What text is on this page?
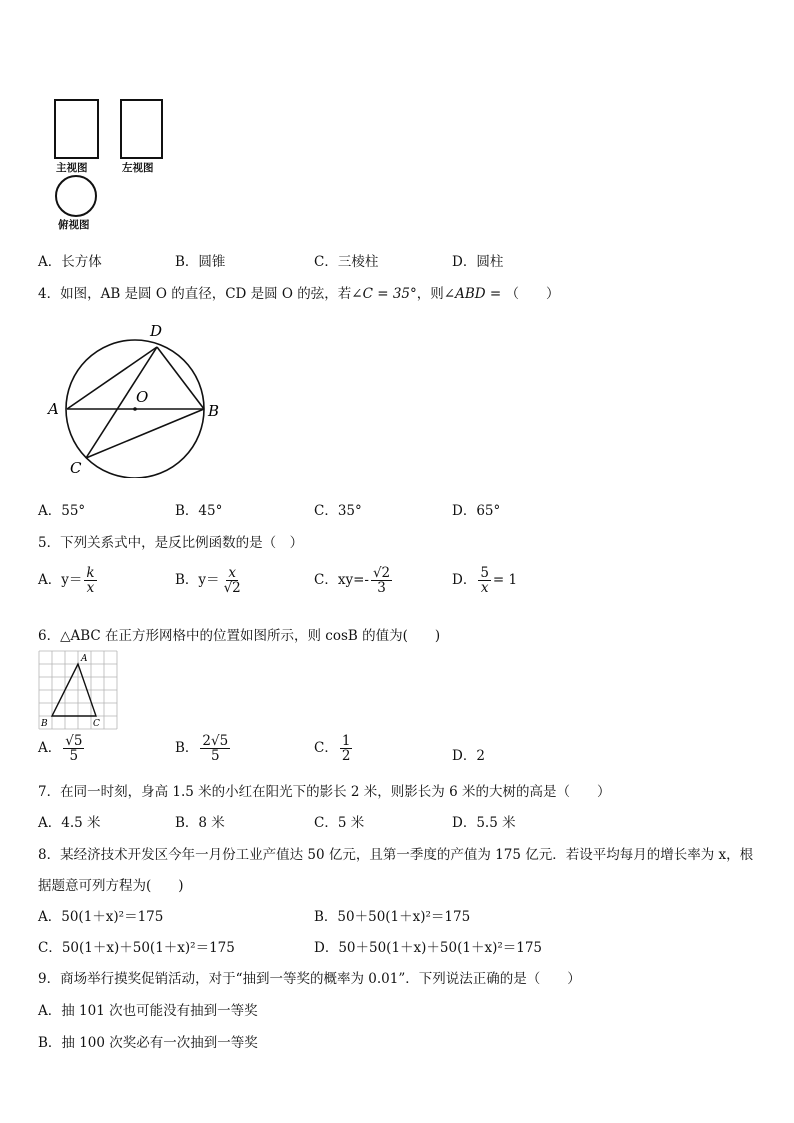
主视图	左视图
俯视图
A．长方体	B．圆锥	C．三棱柱	D．圆柱
4．如图，AB 是圆 O 的直径，CD 是圆 O 的弦，若∠C = 35°，则∠ABD = （　　）
D
O
A	B
C
A．55°	B．45°	C．35°	D．65°
5．下列关系式中，是反比例函数的是（　）
A．$y= \frac{k}{x}$	B．$y= \frac{x}{√2}$	C．$xy=- \frac{√2}{3}$	D． $\frac{5}{x} = 1$
6．△ABC 在正方形网格中的位置如图所示，则 cosB 的值为(　　)
A
B	C
A． $\frac{√5}{5}$	B． $\frac{2√5}{5}$	C． $\frac{1}{2}$	D．2
7．在同一时刻，身高 1.5 米的小红在阳光下的影长 2 米，则影长为 6 米的大树的高是（　　）
A．4.5 米	B．8 米	C．5 米	D．5.5 米
8．某经济技术开发区今年一月份工业产值达 50 亿元，且第一季度的产值为 175 亿元．若设平均每月的增长率为 x，根
据题意可列方程为(　　)
A．50(1＋x)²＝175	B．50＋50(1＋x)²＝175
C．50(1＋x)＋50(1＋x)²＝175	D．50＋50(1＋x)＋50(1＋x)²＝175
9．商场举行摸奖促销活动，对于“抽到一等奖的概率为 0.01”．下列说法正确的是（　　）
A．抽 101 次也可能没有抽到一等奖
B．抽 100 次奖必有一次抽到一等奖
